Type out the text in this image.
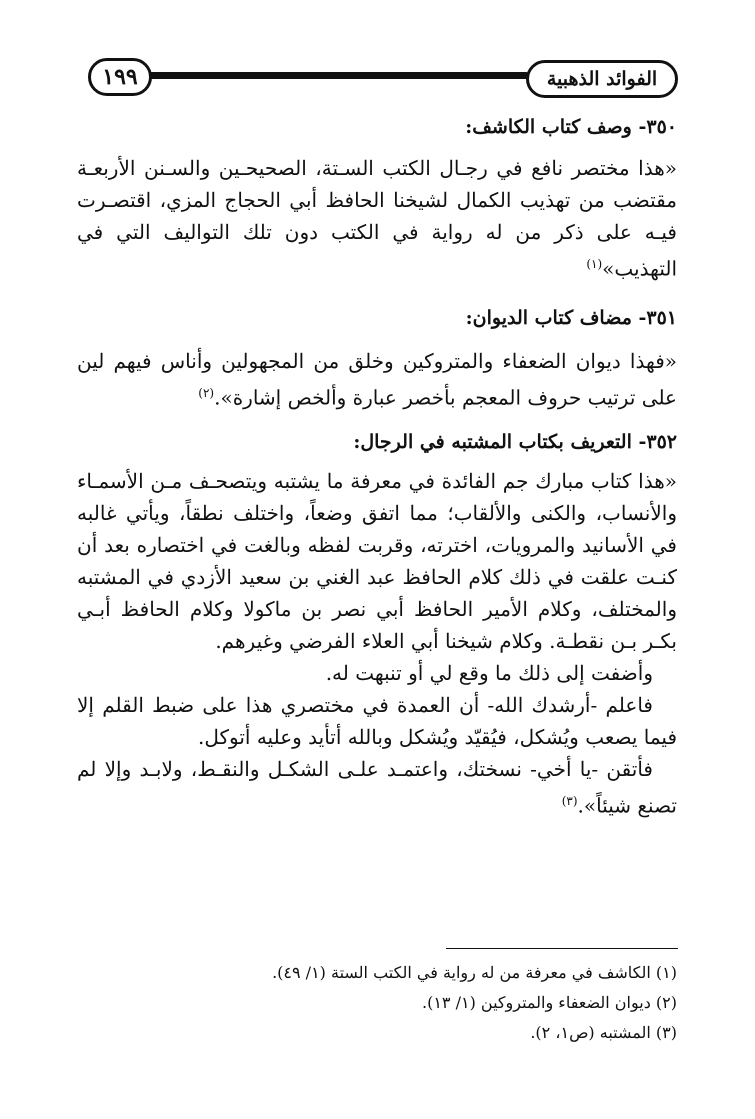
الفوائد الذهبية
١٩٩
٣٥٠- وصف كتاب الكاشف:

«هذا مختصر نافع في رجـال الكتب السـتة، الصحيحـين والسـنن الأربعـة مقتضب من تهذيب الكمال لشيخنا الحافظ أبي الحجاج المزي، اقتصـرت فيـه على ذكر من له رواية في الكتب دون تلك التواليف التي في التهذيب»$^{(١)}$

٣٥١- مضاف كتاب الديوان:

«فهذا ديوان الضعفاء والمتروكين وخلق من المجهولين وأناس فيهم لين على ترتيب حروف المعجم بأخصر عبارة وألخص إشارة».$^{(٢)}$

٣٥٢- التعريف بكتاب المشتبه في الرجال:

«هذا كتاب مبارك جم الفائدة في معرفة ما يشتبه ويتصحـف مـن الأسمـاء والأنساب، والكنى والألقاب؛ مما اتفق وضعاً، واختلف نطقاً، ويأتي غالبه في الأسانيد والمرويات، اخترته، وقربت لفظه وبالغت في اختصاره بعد أن كنـت علقت في ذلك كلام الحافظ عبد الغني بن سعيد الأزدي في المشتبه والمختلف، وكلام الأمير الحافظ أبي نصر بن ماكولا وكلام الحافظ أبـي بكـر بـن نقطـة. وكلام شيخنا أبي العلاء الفرضي وغيرهم.

وأضفت إلى ذلك ما وقع لي أو تنبهت له.

فاعلم -أرشدك الله- أن العمدة في مختصري هذا على ضبط القلم إلا فيما يصعب ويُشكل، فيُقيّد ويُشكل وبالله أتأيد وعليه أتوكل.

فأتقن -يا أخي- نسختك، واعتمـد علـى الشكـل والنقـط، ولابـد وإلا لم تصنع شيئاً».$^{(٣)}$

(١) الكاشف في معرفة من له رواية في الكتب الستة (١/ ٤٩).

(٢) ديوان الضعفاء والمتروكين (١/ ١٣).

(٣) المشتبه (ص١، ٢).
